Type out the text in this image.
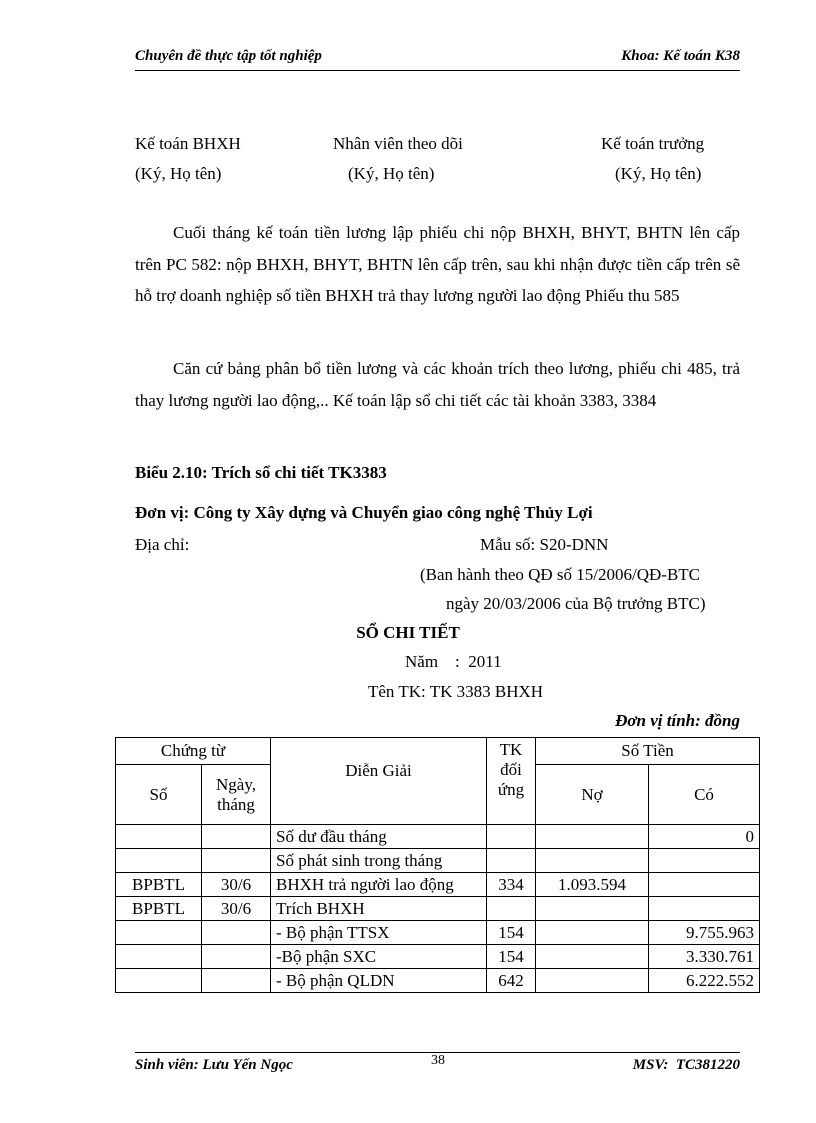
Chuyên đề thực tập tốt nghiệp	Khoa: Kế toán K38
Kế toán BHXH
(Ký, Họ tên)
Nhân viên theo dõi
(Ký, Họ tên)
Kế toán trưởng
(Ký, Họ tên)
Cuối tháng kế toán tiền lương lập phiếu chi nộp BHXH, BHYT, BHTN lên cấp trên PC 582: nộp BHXH, BHYT, BHTN lên cấp trên, sau khi nhận được tiền cấp trên sẽ hỗ trợ doanh nghiệp số tiền BHXH trả thay lương người lao động Phiếu thu 585
Căn cứ bảng phân bổ tiền lương và các khoản trích theo lương, phiếu chi 485, trả thay lương người lao động,.. Kế toán lập sổ chi tiết các tài khoản 3383, 3384
Biểu 2.10: Trích sổ chi tiết TK3383
Đơn vị: Công ty Xây dựng và Chuyển giao công nghệ Thủy Lợi
Địa chỉ:	Mẫu số: S20-DNN
(Ban hành theo QĐ số 15/2006/QĐ-BTC
ngày 20/03/2006 của Bộ trưởng BTC)
SỔ CHI TIẾT
Năm    :  2011
Tên TK: TK 3383 BHXH
Đơn vị tính: đồng
Chứng từ		Diễn Giải	TK
đối
ứng	Số Tiền	
Số	Ngày,
tháng			Nợ	Có
		Số dư đầu tháng			0
		Số phát sinh trong tháng			
BPBTL	30/6	BHXH trả người lao động	334	1.093.594	
BPBTL	30/6	Trích BHXH			
		- Bộ phận TTSX	154		9.755.963
		-Bộ phận SXC	154		3.330.761
		- Bộ phận QLDN	642		6.222.552
Sinh viên: Lưu Yến Ngọc	38	MSV:  TC381220
